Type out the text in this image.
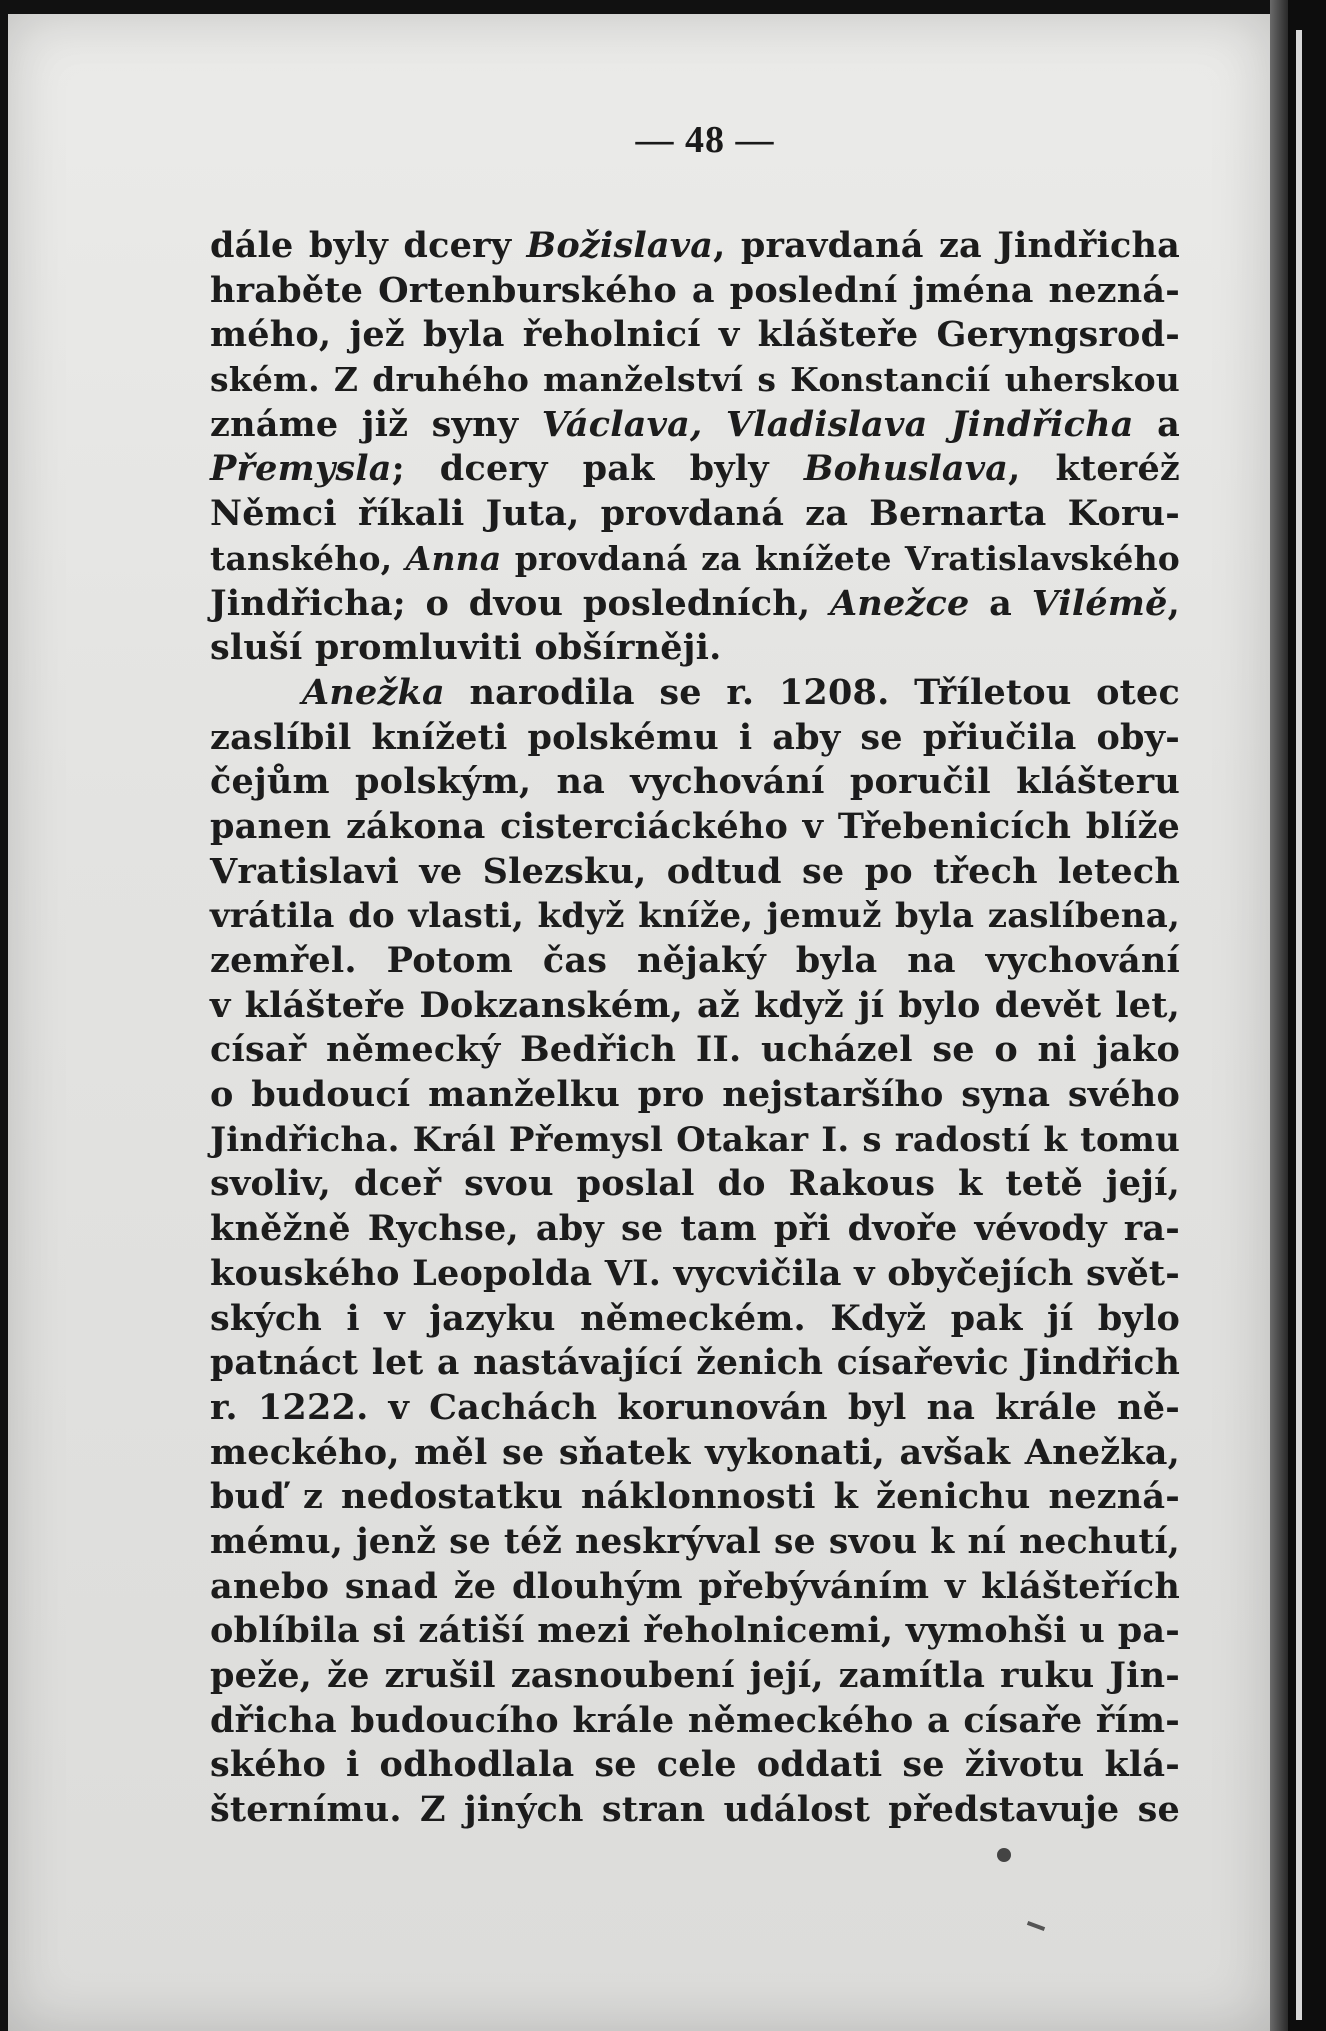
— 48 —
dále byly dcery Božislava, pravdaná za Jindřicha
hraběte Ortenburského a poslední jména nezná-
mého, jež byla řeholnicí v klášteře Geryngsrod-
ském. Z druhého manželství s Konstancií uherskou
známe již syny Václava, Vladislava Jindřicha a
Přemysla; dcery pak byly Bohuslava, kteréž
Němci říkali Juta, provdaná za Bernarta Koru-
tanského, Anna provdaná za knížete Vratislavského
Jindřicha; o dvou posledních, Anežce a Vilémě,
sluší promluviti obšírněji.
Anežka narodila se r. 1208. Tříletou otec
zaslíbil knížeti polskému i aby se přiučila oby-
čejům polským, na vychování poručil klášteru
panen zákona cisterciáckého v Třebenicích blíže
Vratislavi ve Slezsku, odtud se po třech letech
vrátila do vlasti, když kníže, jemuž byla zaslíbena,
zemřel. Potom čas nějaký byla na vychování
v klášteře Dokzanském, až když jí bylo devět let,
císař německý Bedřich II. ucházel se o ni jako
o budoucí manželku pro nejstaršího syna svého
Jindřicha. Král Přemysl Otakar I. s radostí k tomu
svoliv, dceř svou poslal do Rakous k tetě její,
kněžně Rychse, aby se tam při dvoře vévody ra-
kouského Leopolda VI. vycvičila v obyčejích svět-
ských i v jazyku německém. Když pak jí bylo
patnáct let a nastávající ženich císařevic Jindřich
r. 1222. v Cachách korunován byl na krále ně-
meckého, měl se sňatek vykonati, avšak Anežka,
buď z nedostatku náklonnosti k ženichu nezná-
mému, jenž se též neskrýval se svou k ní nechutí,
anebo snad že dlouhým přebýváním v klášteřích
oblíbila si zátiší mezi řeholnicemi, vymohši u pa-
peže, že zrušil zasnoubení její, zamítla ruku Jin-
dřicha budoucího krále německého a císaře řím-
ského i odhodlala se cele oddati se životu klá-
šternímu. Z jiných stran událost představuje se
